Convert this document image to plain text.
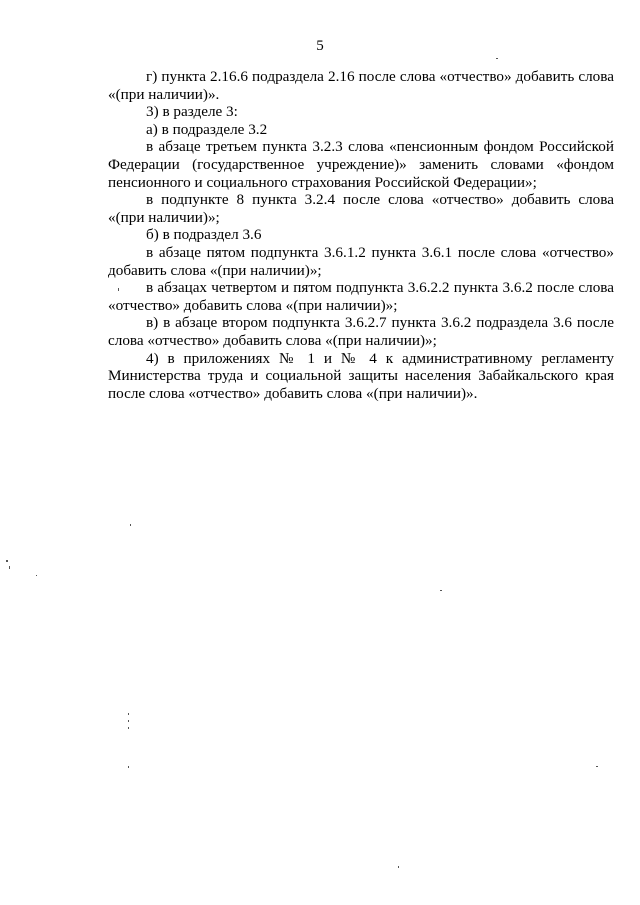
5

г) пункта 2.16.6 подраздела 2.16 после слова «отчество» добавить слова «(при наличии)».

3) в разделе 3:

а) в подразделе 3.2

в абзаце третьем пункта 3.2.3 слова «пенсионным фондом Российской Федерации (государственное учреждение)» заменить словами «фондом пенсионного и социального страхования Российской Федерации»;

в подпункте 8 пункта 3.2.4 после слова «отчество» добавить слова «(при наличии)»;

б) в подраздел 3.6

в абзаце пятом подпункта 3.6.1.2 пункта 3.6.1 после слова «отчество» добавить слова «(при наличии)»;

в абзацах четвертом и пятом подпункта 3.6.2.2 пункта 3.6.2 после слова «отчество» добавить слова «(при наличии)»;

в) в абзаце втором подпункта 3.6.2.7 пункта 3.6.2 подраздела 3.6 после слова «отчество» добавить слова «(при наличии)»;

4) в приложениях № 1 и № 4 к административному регламенту Министерства труда и социальной защиты населения Забайкальского края после слова «отчество» добавить слова «(при наличии)».
